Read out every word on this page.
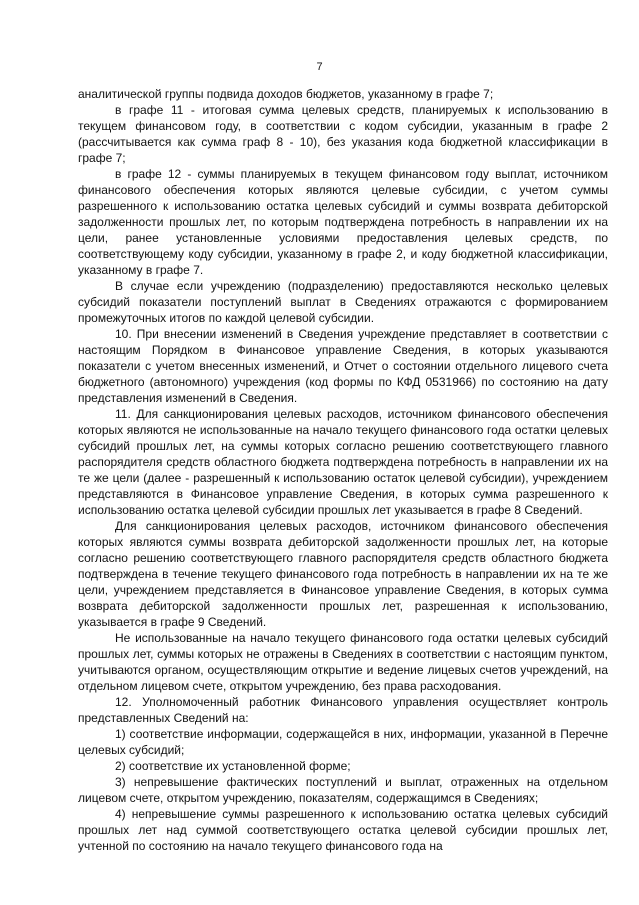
7

аналитической группы подвида доходов бюджетов, указанному в графе 7;

в графе 11 - итоговая сумма целевых средств, планируемых к использованию в текущем финансовом году, в соответствии с кодом субсидии, указанным в графе 2 (рассчитывается как сумма граф 8 - 10), без указания кода бюджетной классификации в графе 7;

в графе 12 - суммы планируемых в текущем финансовом году выплат, источником финансового обеспечения которых являются целевые субсидии, с учетом суммы разрешенного к использованию остатка целевых субсидий и суммы возврата дебиторской задолженности прошлых лет, по которым подтверждена потребность в направлении их на цели, ранее установленные условиями предоставления целевых средств, по соответствующему коду субсидии, указанному в графе 2, и коду бюджетной классификации, указанному в графе 7.

В случае если учреждению (подразделению) предоставляются несколько целевых субсидий показатели поступлений выплат в Сведениях отражаются с формированием промежуточных итогов по каждой целевой субсидии.

10. При внесении изменений в Сведения учреждение представляет в соответствии с настоящим Порядком в Финансовое управление Сведения, в которых указываются показатели с учетом внесенных изменений, и Отчет о состоянии отдельного лицевого счета бюджетного (автономного) учреждения (код формы по КФД 0531966) по состоянию на дату представления изменений в Сведения.

11. Для санкционирования целевых расходов, источником финансового обеспечения которых являются не использованные на начало текущего финансового года остатки целевых субсидий прошлых лет, на суммы которых согласно решению соответствующего главного распорядителя средств областного бюджета подтверждена потребность в направлении их на те же цели (далее - разрешенный к использованию остаток целевой субсидии), учреждением представляются в Финансовое управление Сведения, в которых сумма разрешенного к использованию остатка целевой субсидии прошлых лет указывается в графе 8 Сведений.

Для санкционирования целевых расходов, источником финансового обеспечения которых являются суммы возврата дебиторской задолженности прошлых лет, на которые согласно решению соответствующего главного распорядителя средств областного бюджета подтверждена в течение текущего финансового года потребность в направлении их на те же цели, учреждением представляется в Финансовое управление Сведения, в которых сумма возврата дебиторской задолженности прошлых лет, разрешенная к использованию, указывается в графе 9 Сведений.

Не использованные на начало текущего финансового года остатки целевых субсидий прошлых лет, суммы которых не отражены в Сведениях в соответствии с настоящим пунктом, учитываются органом, осуществляющим открытие и ведение лицевых счетов учреждений, на отдельном лицевом счете, открытом учреждению, без права расходования.

12. Уполномоченный работник Финансового управления осуществляет контроль представленных Сведений на:

1) соответствие информации, содержащейся в них, информации, указанной в Перечне целевых субсидий;

2) соответствие их установленной форме;

3) непревышение фактических поступлений и выплат, отраженных на отдельном лицевом счете, открытом учреждению, показателям, содержащимся в Сведениях;

4) непревышение суммы разрешенного к использованию остатка целевых субсидий прошлых лет над суммой соответствующего остатка целевой субсидии прошлых лет, учтенной по состоянию на начало текущего финансового года на
